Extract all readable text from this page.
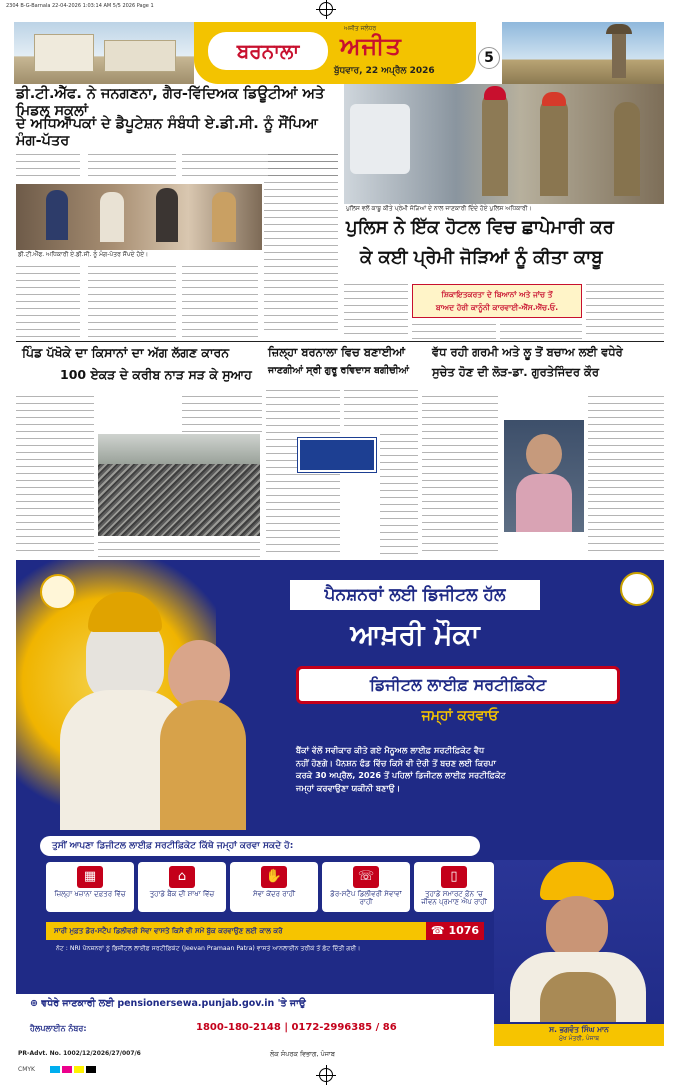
2304 B-G-Barnala 22-04-2026 1:03:14 AM 5/5 2026 Page 1
ਬਰਨਾਲਾ
ਅਜੀਤ ਜਲੰਧਰ
ਅਜੀਤ
ਬੁੱਧਵਾਰ, 22 ਅਪ੍ਰੈਲ 2026
5
ਡੀ.ਟੀ.ਐੱਫ. ਨੇ ਜਨਗਣਨਾ, ਗੈਰ-ਵਿੱਦਿਅਕ ਡਿਊਟੀਆਂ ਅਤੇ ਮਿਡਲ ਸਕੂਲਾਂ
ਦੇ ਅਧਿਆਪਕਾਂ ਦੇ ਡੈਪੂਟੇਸ਼ਨ ਸੰਬੰਧੀ ਏ.ਡੀ.ਸੀ. ਨੂੰ ਸੌਂਪਿਆ ਮੰਗ-ਪੱਤਰ
ਡੀ.ਟੀ.ਐੱਫ. ਅਧਿਕਾਰੀ ਏ.ਡੀ.ਸੀ. ਨੂੰ ਮੰਗ-ਪੱਤਰ ਸੌਂਪਦੇ ਹੋਏ।
ਪੁਲਿਸ ਵਲੋਂ ਕਾਬੂ ਕੀਤੇ ਪ੍ਰੇਮੀ ਜੋੜਿਆਂ ਦੇ ਨਾਲ ਜਾਣਕਾਰੀ ਦਿੰਦੇ ਹੋਏ ਪੁਲਿਸ ਅਧਿਕਾਰੀ।
ਪੁਲਿਸ ਨੇ ਇੱਕ ਹੋਟਲ ਵਿਚ ਛਾਪੇਮਾਰੀ ਕਰ
ਕੇ ਕਈ ਪ੍ਰੇਮੀ ਜੋੜਿਆਂ ਨੂੰ ਕੀਤਾ ਕਾਬੂ
ਸ਼ਿਕਾਇਤਕਰਤਾ ਦੇ ਬਿਆਨਾਂ ਅਤੇ ਜਾਂਚ ਤੋਂ
ਬਾਅਦ ਹੋਰੀ ਕਾਨੂੰਨੀ ਕਾਰਵਾਈ-ਐੱਸ.ਐੱਚ.ਓ.
ਪਿੰਡ ਪੱਖੋਕੇ ਦਾ ਕਿਸਾਨਾਂ ਦਾ ਅੱਗ ਲੱਗਣ ਕਾਰਨ
100 ਏਕੜ ਦੇ ਕਰੀਬ ਨਾੜ ਸੜ ਕੇ ਸੁਆਹ
ਜ਼ਿਲ੍ਹਾ ਬਰਨਾਲਾ ਵਿਚ ਬਣਾਈਆਂ
ਜਾਣਗੀਆਂ ਸ੍ਰੀ ਗੁਰੂ ਰਵਿਦਾਸ ਬਗੀਚੀਆਂ
ਵੱਧ ਰਹੀ ਗਰਮੀ ਅਤੇ ਲੂ ਤੋਂ ਬਚਾਅ ਲਈ ਵਧੇਰੇ
ਸੁਚੇਤ ਹੋਣ ਦੀ ਲੋੜ-ਡਾ. ਗੁਰਤੇਜਿੰਦਰ ਕੌਰ
ਪੈਨਸ਼ਨਰਾਂ ਲਈ ਡਿਜੀਟਲ ਹੱਲ
ਆਖ਼ਰੀ ਮੌਕਾ
ਡਿਜੀਟਲ ਲਾਈਫ਼ ਸਰਟੀਫ਼ਿਕੇਟ
ਜਮ੍ਹਾਂ ਕਰਵਾਓ
ਬੈਂਕਾਂ ਵੱਲੋਂ ਸਵੀਕਾਰ ਕੀਤੇ ਗਏ ਮੈਨੂਅਲ ਲਾਈਫ਼ ਸਰਟੀਫ਼ਿਕੇਟ ਵੈਧ
ਨਹੀਂ ਹੋਣਗੇ। ਪੈਨਸ਼ਨ ਫੰਡ ਵਿੱਚ ਕਿਸੇ ਵੀ ਦੇਰੀ ਤੋਂ ਬਚਣ ਲਈ ਕਿਰਪਾ
ਕਰਕੇ 30 ਅਪ੍ਰੈਲ, 2026 ਤੋਂ ਪਹਿਲਾਂ ਡਿਜੀਟਲ ਲਾਈਫ਼ ਸਰਟੀਫ਼ਿਕੇਟ
ਜਮ੍ਹਾਂ ਕਰਵਾਉਣਾ ਯਕੀਨੀ ਬਣਾਉ।
ਤੁਸੀਂ ਆਪਣਾ ਡਿਜੀਟਲ ਲਾਈਫ਼ ਸਰਟੀਫ਼ਿਕੇਟ ਕਿੱਥੇ ਜਮ੍ਹਾਂ ਕਰਵਾ ਸਕਦੇ ਹੋ:
▦
ਜ਼ਿਲ੍ਹਾ ਖਜ਼ਾਨਾ ਦਫ਼ਤਰ ਵਿੱਚ
⌂
ਤੁਹਾਡੇ ਬੈਂਕ ਦੀ ਸ਼ਾਖਾ ਵਿੱਚ
✋
ਸੇਵਾ ਕੇਂਦਰ ਰਾਹੀਂ
☏
ਡੋਰ-ਸਟੈਪ ਡਿਲੀਵਰੀ ਸੇਵਾਵਾਂ ਰਾਹੀਂ
▯
ਤੁਹਾਡੇ ਸਮਾਰਟ ਫ਼ੋਨ 'ਚ ਜੀਵਨ ਪ੍ਰਮਾਣ ਐਪ ਰਾਹੀਂ
ਸਾਰੀ ਮੁਫ਼ਤ ਡੋਰ-ਸਟੈਪ ਡਿਲੀਵਰੀ ਸੇਵਾ ਵਾਸਤੇ ਕਿਸੇ ਵੀ ਸਮੇਂ ਬੁੱਕ ਕਰਵਾਉਣ ਲਈ ਕਾਲ ਕਰੋ	☎ 1076
ਨੋਟ : NRI ਪੈਨਸ਼ਨਰਾਂ ਨੂੰ ਡਿਜੀਟਲ ਲਾਈਫ਼ ਸਰਟੀਫ਼ਿਕੇਟ (Jeevan Pramaan Patra) ਵਾਸਤੇ ਆਨਲਾਈਨ ਤਰੀਕੇ ਤੋਂ ਛੋਟ ਦਿੱਤੀ ਗਈ।
ਸ. ਭਗਵੰਤ ਸਿੰਘ ਮਾਨ
ਮੁੱਖ ਮੰਤਰੀ, ਪੰਜਾਬ
⊕ ਵਧੇਰੇ ਜਾਣਕਾਰੀ ਲਈ pensionersewa.punjab.gov.in 'ਤੇ ਜਾਉ
ਹੈਲਪਲਾਈਨ ਨੰਬਰ:	1800-180-2148 | 0172-2996385 / 86
PR-Advt. No. 1002/12/2026/27/007/6	ਲੋਕ ਸੰਪਰਕ ਵਿਭਾਗ, ਪੰਜਾਬ
CMYK
